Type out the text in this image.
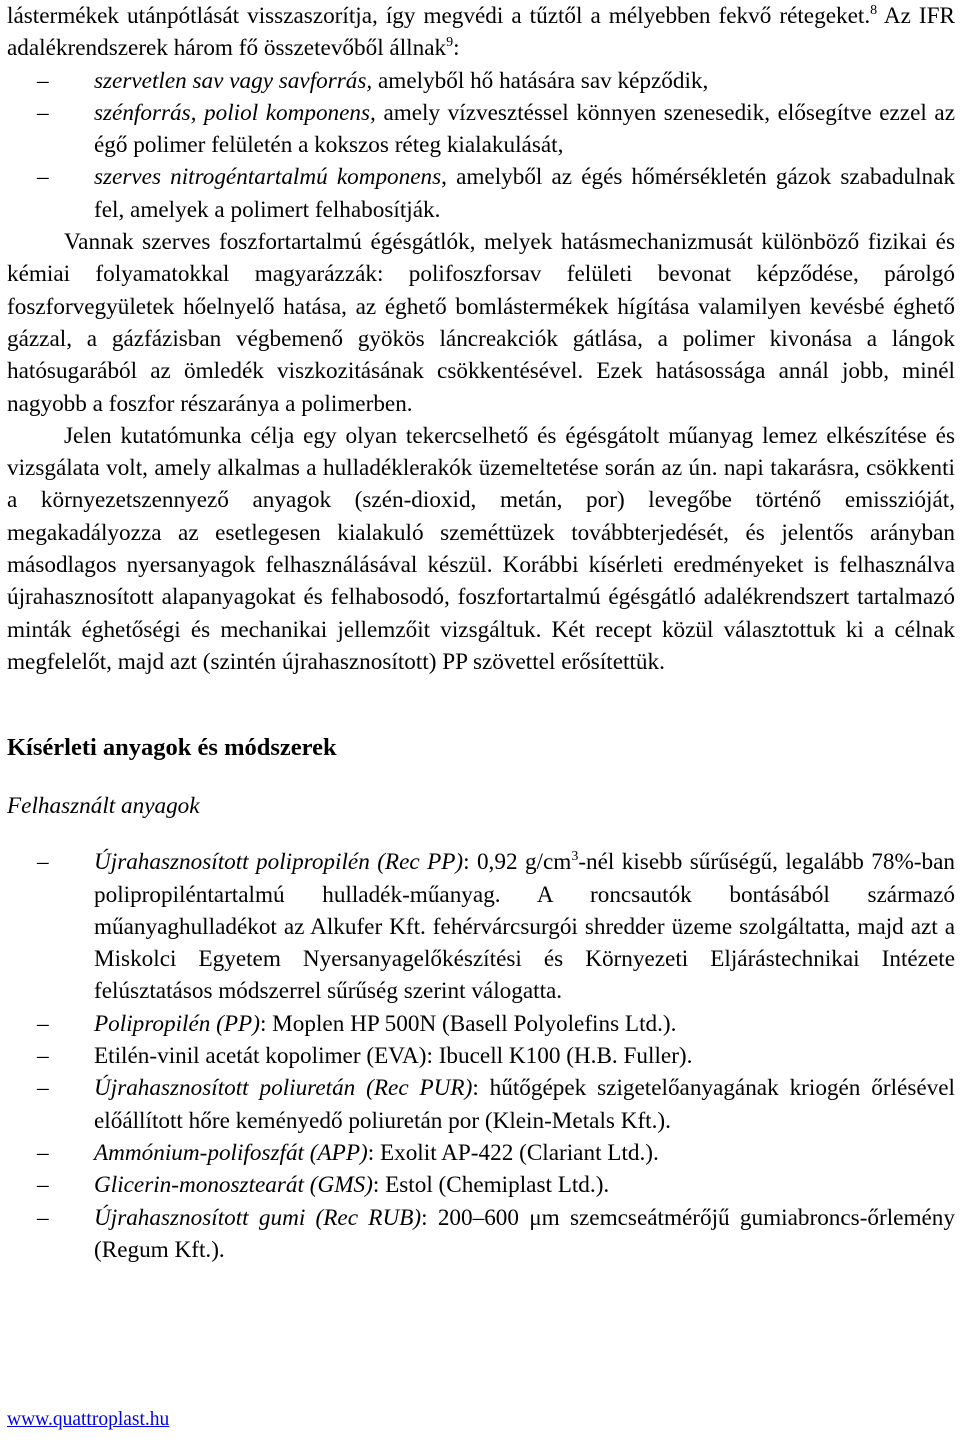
lástermékek utánpótlását visszaszorítja, így megvédi a tűztől a mélyebben fekvő rétegeket.$^8$ Az IFR adalékrendszerek három fő összetevőből állnak$^9$:

– szervetlen sav vagy savforrás, amelyből hő hatására sav képződik,
– szénforrás, poliol komponens, amely vízvesztéssel könnyen szenesedik, elősegítve ezzel az égő polimer felületén a kokszos réteg kialakulását,
– szerves nitrogéntartalmú komponens, amelyből az égés hőmérsékletén gázok szabadulnak fel, amelyek a polimert felhabosítják.

Vannak szerves foszfortartalmú égésgátlók, melyek hatásmechanizmusát különböző fizikai és kémiai folyamatokkal magyarázzák: polifoszforsav felületi bevonat képződése, párolgó foszforvegyületek hőelnyelő hatása, az éghető bomlástermékek hígítása valamilyen kevésbé éghető gázzal, a gázfázisban végbemenő gyökös láncreakciók gátlása, a polimer kivonása a lángok hatósugarából az ömledék viszkozitásának csökkentésével. Ezek hatásossága annál jobb, minél nagyobb a foszfor részaránya a polimerben.

Jelen kutatómunka célja egy olyan tekercselhető és égésgátolt műanyag lemez elkészítése és vizsgálata volt, amely alkalmas a hulladéklerakók üzemeltetése során az ún. napi takarásra, csökkenti a környezetszennyező anyagok (szén-dioxid, metán, por) levegőbe történő emisszióját, megakadályozza az esetlegesen kialakuló szeméttüzek továbbterjedését, és jelentős arányban másodlagos nyersanyagok felhasználásával készül. Korábbi kísérleti eredményeket is felhasználva újrahasznosított alapanyagokat és felhabosodó, foszfortartalmú égésgátló adalékrendszert tartalmazó minták éghetőségi és mechanikai jellemzőit vizsgáltuk. Két recept közül választottuk ki a célnak megfelelőt, majd azt (szintén újrahasznosított) PP szövettel erősítettük.

Kísérleti anyagok és módszerek

Felhasznált anyagok

– Újrahasznosított polipropilén (Rec PP): 0,92 $g/cm^3$-nél kisebb sűrűségű, legalább 78%-ban polipropiléntartalmú hulladék-műanyag. A roncsautók bontásából származó műanyaghulladékot az Alkufer Kft. fehérvárcsurgói shredder üzeme szolgáltatta, majd azt a Miskolci Egyetem Nyersanyagelőkészítési és Környezeti Eljárástechnikai Intézete felúsztatásos módszerrel sűrűség szerint válogatta.
– Polipropilén (PP): Moplen HP 500N (Basell Polyolefins Ltd.).
– Etilén-vinil acetát kopolimer (EVA): Ibucell K100 (H.B. Fuller).
– Újrahasznosított poliuretán (Rec PUR): hűtőgépek szigetelőanyagának kriogén őrlésével előállított hőre keményedő poliuretán por (Klein-Metals Kft.).
– Ammónium-polifoszfát (APP): Exolit AP-422 (Clariant Ltd.).
– Glicerin-monosztearát (GMS): Estol (Chemiplast Ltd.).
– Újrahasznosított gumi (Rec RUB): 200–600 μm szemcseátmérőjű gumiabroncs-őrlemény (Regum Kft.).
www.quattroplast.hu
